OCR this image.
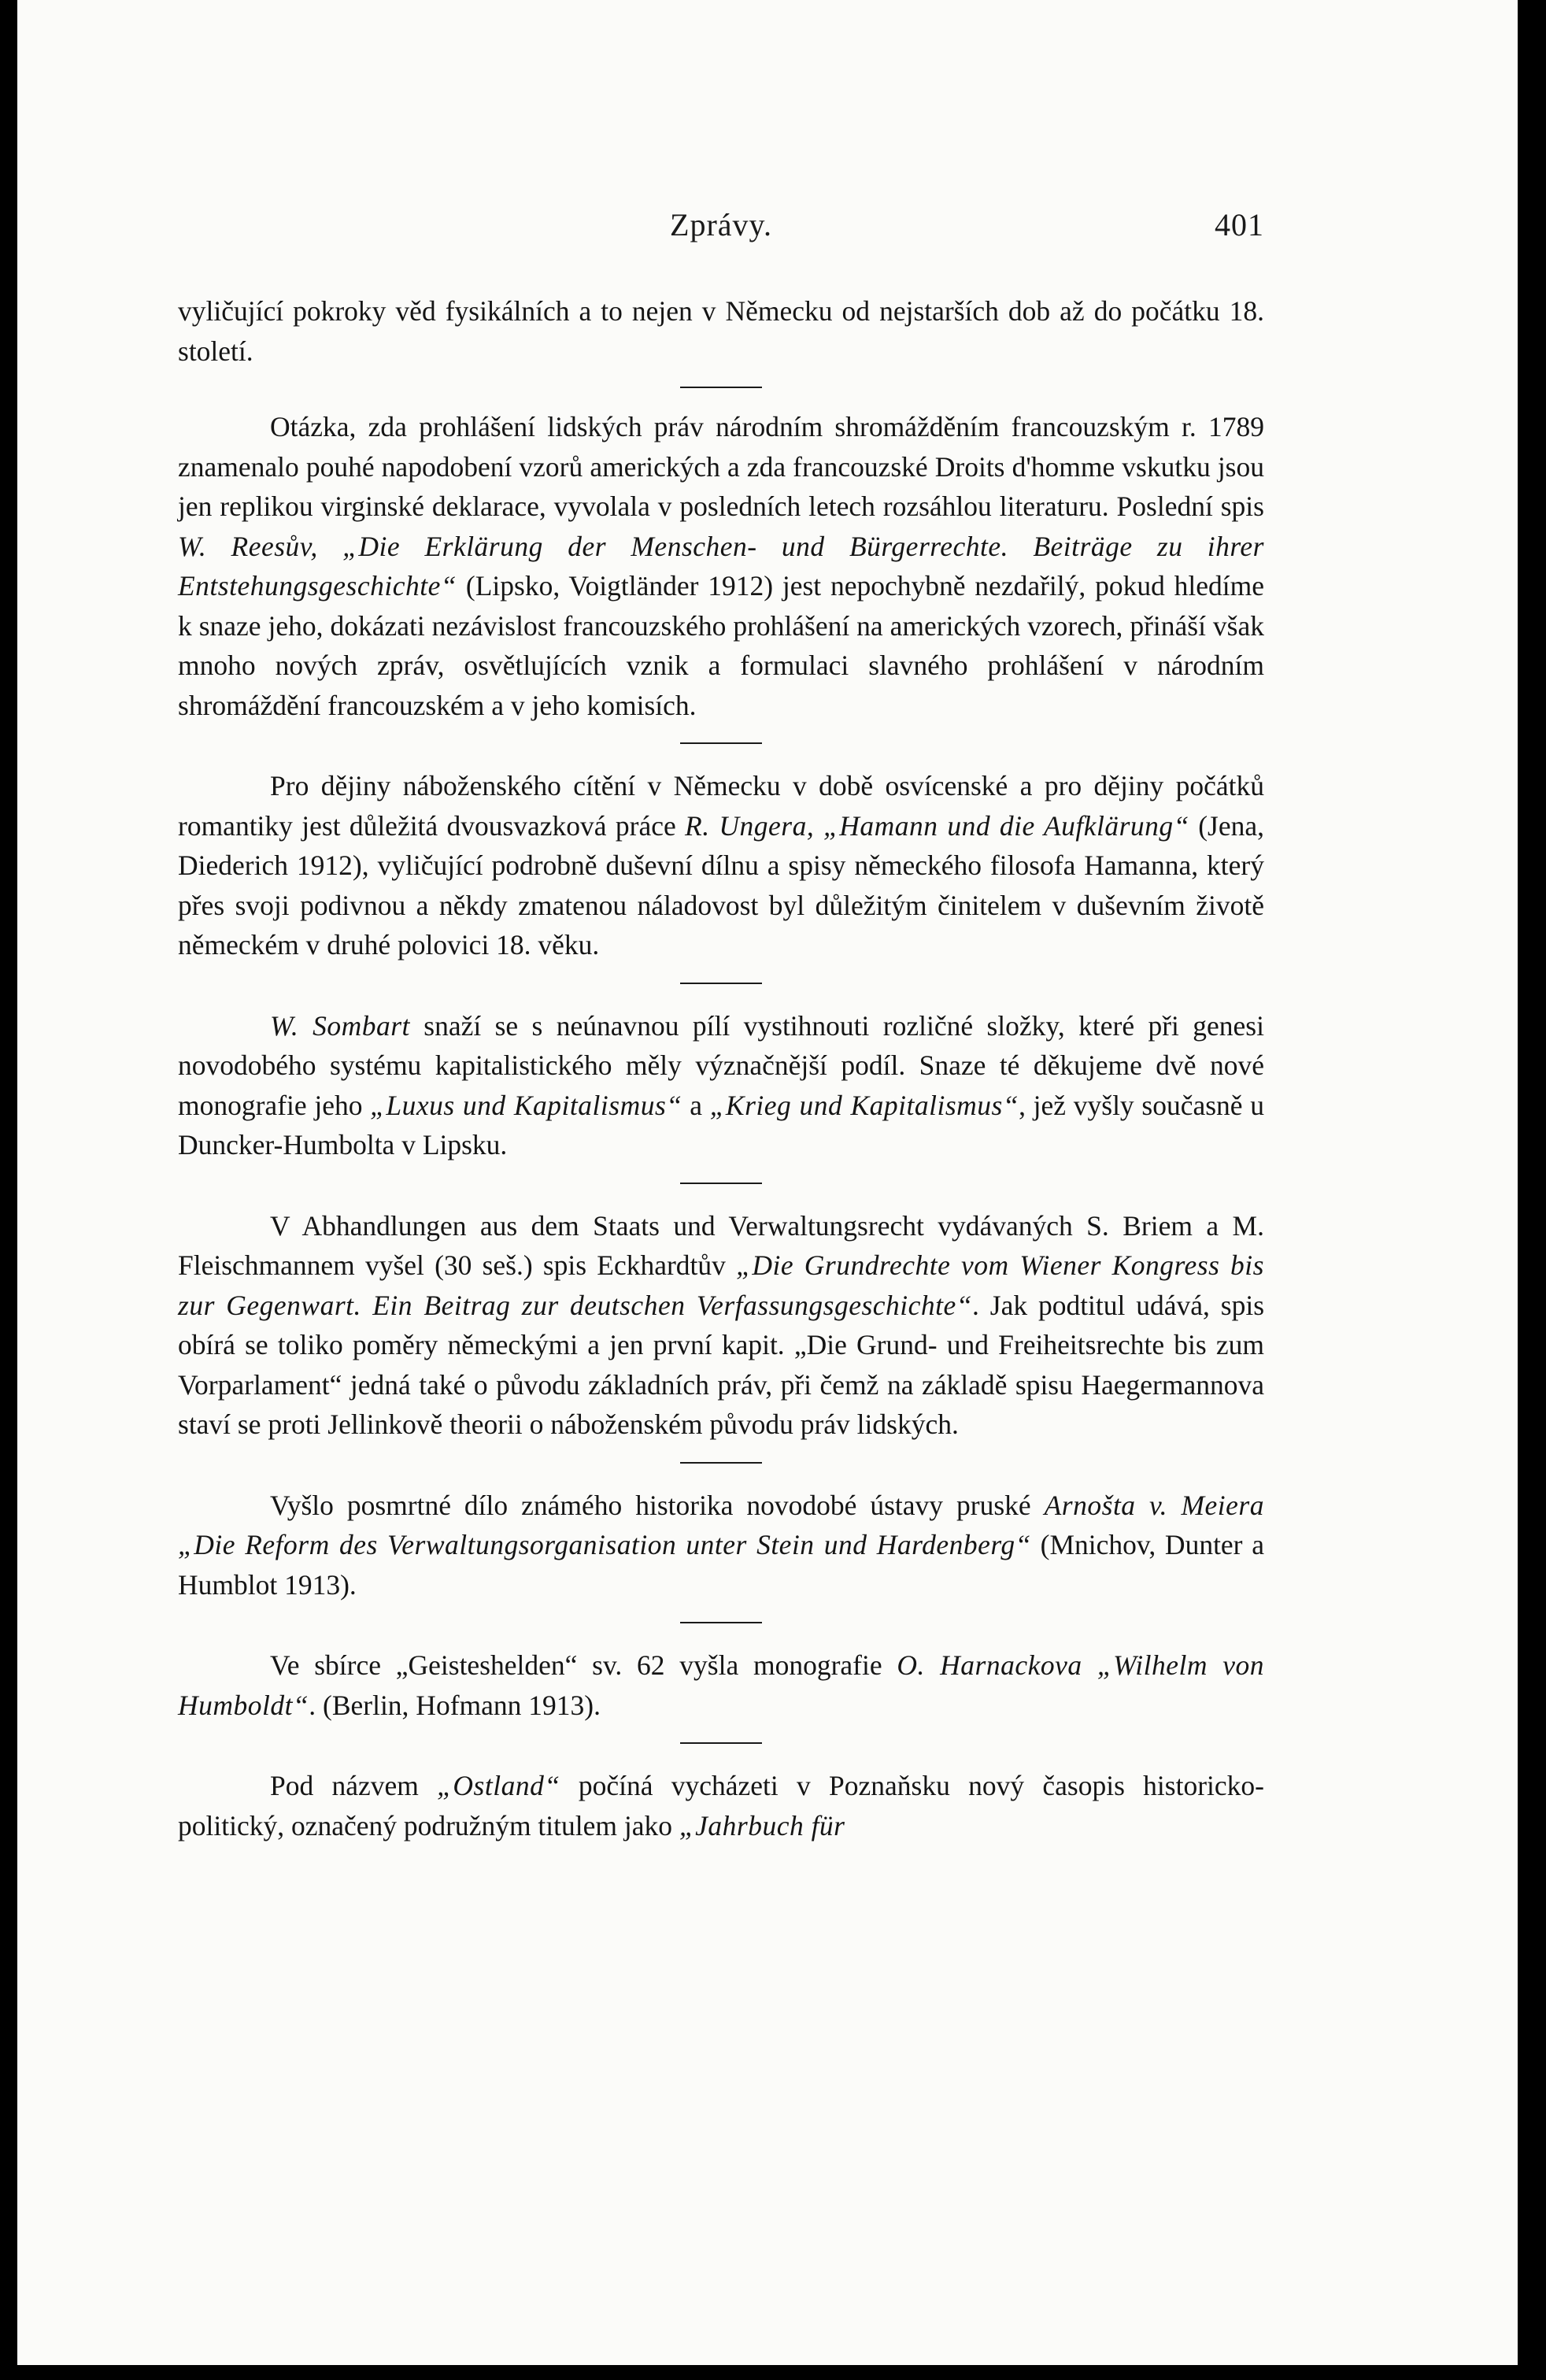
Zprávy.	401

vyličující pokroky věd fysikálních a to nejen v Německu od nejstarších dob až do počátku 18. století.

Otázka, zda prohlášení lidských práv národním shromážděním francouzským r. 1789 znamenalo pouhé napodobení vzorů amerických a zda francouzské Droits d'homme vskutku jsou jen replikou virginské deklarace, vyvolala v posledních letech rozsáhlou literaturu. Poslední spis W. Reesův, „Die Erklärung der Menschen- und Bürgerrechte. Beiträge zu ihrer Entstehungsgeschichte“ (Lipsko, Voigtländer 1912) jest nepochybně nezdařilý, pokud hledíme k snaze jeho, dokázati nezávislost francouzského prohlášení na amerických vzorech, přináší však mnoho nových zpráv, osvětlujících vznik a formulaci slavného prohlášení v národním shromáždění francouzském a v jeho komisích.

Pro dějiny náboženského cítění v Německu v době osvícenské a pro dějiny počátků romantiky jest důležitá dvousvazková práce R. Ungera, „Hamann und die Aufklärung“ (Jena, Diederich 1912), vyličující podrobně duševní dílnu a spisy německého filosofa Hamanna, který přes svoji podivnou a někdy zmatenou náladovost byl důležitým činitelem v duševním životě německém v druhé polovici 18. věku.

W. Sombart snaží se s neúnavnou pílí vystihnouti rozličné složky, které při genesi novodobého systému kapitalistického měly význačnější podíl. Snaze té děkujeme dvě nové monografie jeho „Luxus und Kapitalismus“ a „Krieg und Kapitalismus“, jež vyšly současně u Duncker-Humbolta v Lipsku.

V Abhandlungen aus dem Staats und Verwaltungsrecht vydávaných S. Briem a M. Fleischmannem vyšel (30 seš.) spis Eckhardtův „Die Grundrechte vom Wiener Kongress bis zur Gegenwart. Ein Beitrag zur deutschen Verfassungsgeschichte“. Jak podtitul udává, spis obírá se toliko poměry německými a jen první kapit. „Die Grund- und Freiheitsrechte bis zum Vorparlament“ jedná také o původu základních práv, při čemž na základě spisu Haegermannova staví se proti Jellinkově theorii o náboženském původu práv lidských.

Vyšlo posmrtné dílo známého historika novodobé ústavy pruské Arnošta v. Meiera „Die Reform des Verwaltungsorganisation unter Stein und Hardenberg“ (Mnichov, Dunter a Humblot 1913).

Ve sbírce „Geisteshelden“ sv. 62 vyšla monografie O. Harnackova „Wilhelm von Humboldt“. (Berlin, Hofmann 1913).

Pod názvem „Ostland“ počíná vycházeti v Poznaňsku nový časopis historicko-politický, označený podružným titulem jako „Jahrbuch für
